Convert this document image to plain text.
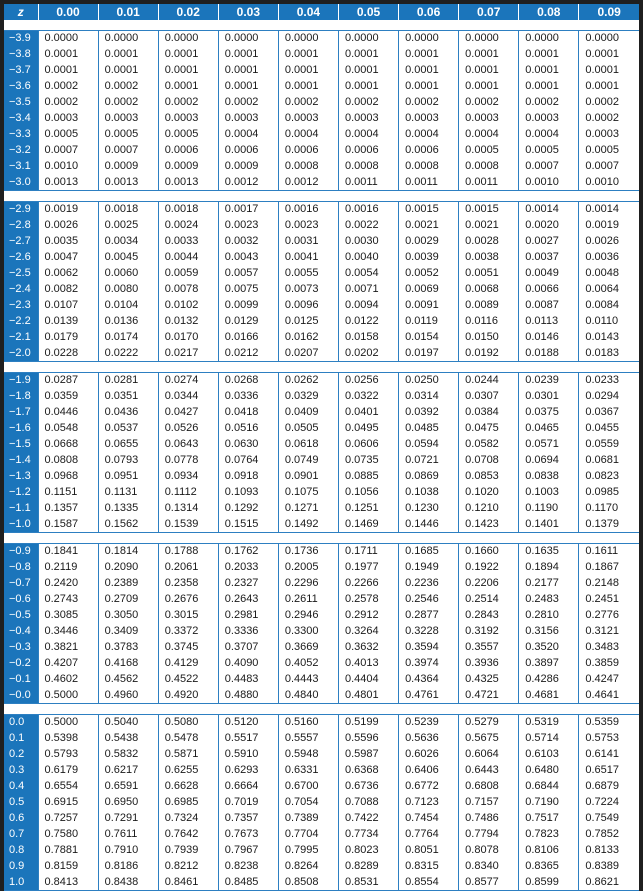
z	0.00	0.01	0.02	0.03	0.04	0.05	0.06	0.07	0.08	0.09

−3.9	0.0000	0.0000	0.0000	0.0000	0.0000	0.0000	0.0000	0.0000	0.0000	0.0000
−3.8	0.0001	0.0001	0.0001	0.0001	0.0001	0.0001	0.0001	0.0001	0.0001	0.0001
−3.7	0.0001	0.0001	0.0001	0.0001	0.0001	0.0001	0.0001	0.0001	0.0001	0.0001
−3.6	0.0002	0.0002	0.0001	0.0001	0.0001	0.0001	0.0001	0.0001	0.0001	0.0001
−3.5	0.0002	0.0002	0.0002	0.0002	0.0002	0.0002	0.0002	0.0002	0.0002	0.0002
−3.4	0.0003	0.0003	0.0003	0.0003	0.0003	0.0003	0.0003	0.0003	0.0003	0.0002
−3.3	0.0005	0.0005	0.0005	0.0004	0.0004	0.0004	0.0004	0.0004	0.0004	0.0003
−3.2	0.0007	0.0007	0.0006	0.0006	0.0006	0.0006	0.0006	0.0005	0.0005	0.0005
−3.1	0.0010	0.0009	0.0009	0.0009	0.0008	0.0008	0.0008	0.0008	0.0007	0.0007
−3.0	0.0013	0.0013	0.0013	0.0012	0.0012	0.0011	0.0011	0.0011	0.0010	0.0010

−2.9	0.0019	0.0018	0.0018	0.0017	0.0016	0.0016	0.0015	0.0015	0.0014	0.0014
−2.8	0.0026	0.0025	0.0024	0.0023	0.0023	0.0022	0.0021	0.0021	0.0020	0.0019
−2.7	0.0035	0.0034	0.0033	0.0032	0.0031	0.0030	0.0029	0.0028	0.0027	0.0026
−2.6	0.0047	0.0045	0.0044	0.0043	0.0041	0.0040	0.0039	0.0038	0.0037	0.0036
−2.5	0.0062	0.0060	0.0059	0.0057	0.0055	0.0054	0.0052	0.0051	0.0049	0.0048
−2.4	0.0082	0.0080	0.0078	0.0075	0.0073	0.0071	0.0069	0.0068	0.0066	0.0064
−2.3	0.0107	0.0104	0.0102	0.0099	0.0096	0.0094	0.0091	0.0089	0.0087	0.0084
−2.2	0.0139	0.0136	0.0132	0.0129	0.0125	0.0122	0.0119	0.0116	0.0113	0.0110
−2.1	0.0179	0.0174	0.0170	0.0166	0.0162	0.0158	0.0154	0.0150	0.0146	0.0143
−2.0	0.0228	0.0222	0.0217	0.0212	0.0207	0.0202	0.0197	0.0192	0.0188	0.0183

−1.9	0.0287	0.0281	0.0274	0.0268	0.0262	0.0256	0.0250	0.0244	0.0239	0.0233
−1.8	0.0359	0.0351	0.0344	0.0336	0.0329	0.0322	0.0314	0.0307	0.0301	0.0294
−1.7	0.0446	0.0436	0.0427	0.0418	0.0409	0.0401	0.0392	0.0384	0.0375	0.0367
−1.6	0.0548	0.0537	0.0526	0.0516	0.0505	0.0495	0.0485	0.0475	0.0465	0.0455
−1.5	0.0668	0.0655	0.0643	0.0630	0.0618	0.0606	0.0594	0.0582	0.0571	0.0559
−1.4	0.0808	0.0793	0.0778	0.0764	0.0749	0.0735	0.0721	0.0708	0.0694	0.0681
−1.3	0.0968	0.0951	0.0934	0.0918	0.0901	0.0885	0.0869	0.0853	0.0838	0.0823
−1.2	0.1151	0.1131	0.1112	0.1093	0.1075	0.1056	0.1038	0.1020	0.1003	0.0985
−1.1	0.1357	0.1335	0.1314	0.1292	0.1271	0.1251	0.1230	0.1210	0.1190	0.1170
−1.0	0.1587	0.1562	0.1539	0.1515	0.1492	0.1469	0.1446	0.1423	0.1401	0.1379

−0.9	0.1841	0.1814	0.1788	0.1762	0.1736	0.1711	0.1685	0.1660	0.1635	0.1611
−0.8	0.2119	0.2090	0.2061	0.2033	0.2005	0.1977	0.1949	0.1922	0.1894	0.1867
−0.7	0.2420	0.2389	0.2358	0.2327	0.2296	0.2266	0.2236	0.2206	0.2177	0.2148
−0.6	0.2743	0.2709	0.2676	0.2643	0.2611	0.2578	0.2546	0.2514	0.2483	0.2451
−0.5	0.3085	0.3050	0.3015	0.2981	0.2946	0.2912	0.2877	0.2843	0.2810	0.2776
−0.4	0.3446	0.3409	0.3372	0.3336	0.3300	0.3264	0.3228	0.3192	0.3156	0.3121
−0.3	0.3821	0.3783	0.3745	0.3707	0.3669	0.3632	0.3594	0.3557	0.3520	0.3483
−0.2	0.4207	0.4168	0.4129	0.4090	0.4052	0.4013	0.3974	0.3936	0.3897	0.3859
−0.1	0.4602	0.4562	0.4522	0.4483	0.4443	0.4404	0.4364	0.4325	0.4286	0.4247
−0.0	0.5000	0.4960	0.4920	0.4880	0.4840	0.4801	0.4761	0.4721	0.4681	0.4641

0.0	0.5000	0.5040	0.5080	0.5120	0.5160	0.5199	0.5239	0.5279	0.5319	0.5359
0.1	0.5398	0.5438	0.5478	0.5517	0.5557	0.5596	0.5636	0.5675	0.5714	0.5753
0.2	0.5793	0.5832	0.5871	0.5910	0.5948	0.5987	0.6026	0.6064	0.6103	0.6141
0.3	0.6179	0.6217	0.6255	0.6293	0.6331	0.6368	0.6406	0.6443	0.6480	0.6517
0.4	0.6554	0.6591	0.6628	0.6664	0.6700	0.6736	0.6772	0.6808	0.6844	0.6879
0.5	0.6915	0.6950	0.6985	0.7019	0.7054	0.7088	0.7123	0.7157	0.7190	0.7224
0.6	0.7257	0.7291	0.7324	0.7357	0.7389	0.7422	0.7454	0.7486	0.7517	0.7549
0.7	0.7580	0.7611	0.7642	0.7673	0.7704	0.7734	0.7764	0.7794	0.7823	0.7852
0.8	0.7881	0.7910	0.7939	0.7967	0.7995	0.8023	0.8051	0.8078	0.8106	0.8133
0.9	0.8159	0.8186	0.8212	0.8238	0.8264	0.8289	0.8315	0.8340	0.8365	0.8389
1.0	0.8413	0.8438	0.8461	0.8485	0.8508	0.8531	0.8554	0.8577	0.8599	0.8621
